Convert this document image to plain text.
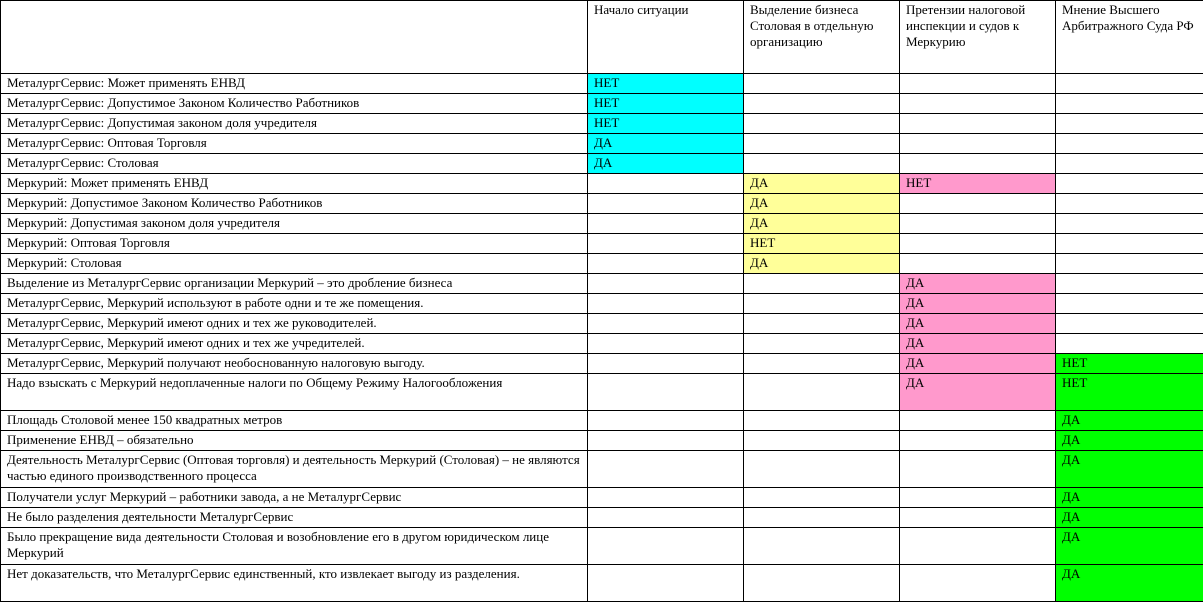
	Начало ситуации	Выделение бизнеса Столовая в отдельную организацию	Претензии налоговой инспекции и судов к Меркурию	Мнение Высшего Арбитражного Суда РФ
МеталургСервис: Может применять ЕНВД	НЕТ			
МеталургСервис: Допустимое Законом Количество Работников	НЕТ			
МеталургСервис: Допустимая законом доля учредителя	НЕТ			
МеталургСервис: Оптовая Торговля	ДА			
МеталургСервис: Столовая	ДА			
Меркурий: Может применять ЕНВД		ДА	НЕТ	
Меркурий: Допустимое Законом Количество Работников		ДА		
Меркурий: Допустимая законом доля учредителя		ДА		
Меркурий: Оптовая Торговля		НЕТ		
Меркурий: Столовая		ДА		
Выделение из МеталургСервис организации Меркурий – это дробление бизнеса			ДА	
МеталургСервис, Меркурий используют в работе одни и те же помещения.			ДА	
МеталургСервис, Меркурий имеют одних и тех же руководителей.			ДА	
МеталургСервис, Меркурий имеют одних и тех же учредителей.			ДА	
МеталургСервис, Меркурий получают необоснованную налоговую выгоду.			ДА	НЕТ
Надо взыскать с Меркурий недоплаченные налоги по Общему Режиму Налогообложения			ДА	НЕТ
Площадь Столовой менее 150 квадратных метров				ДА
Применение ЕНВД – обязательно				ДА
Деятельность МеталургСервис (Оптовая торговля) и деятельность Меркурий (Столовая) – не являются частью единого производственного процесса				ДА
Получатели услуг Меркурий – работники завода, а не МеталургСервис				ДА
Не было разделения деятельности МеталургСервис				ДА
Было прекращение вида деятельности Столовая и возобновление его в другом юридическом лице Меркурий				ДА
Нет доказательств, что МеталургСервис единственный, кто извлекает выгоду из разделения.				ДА
